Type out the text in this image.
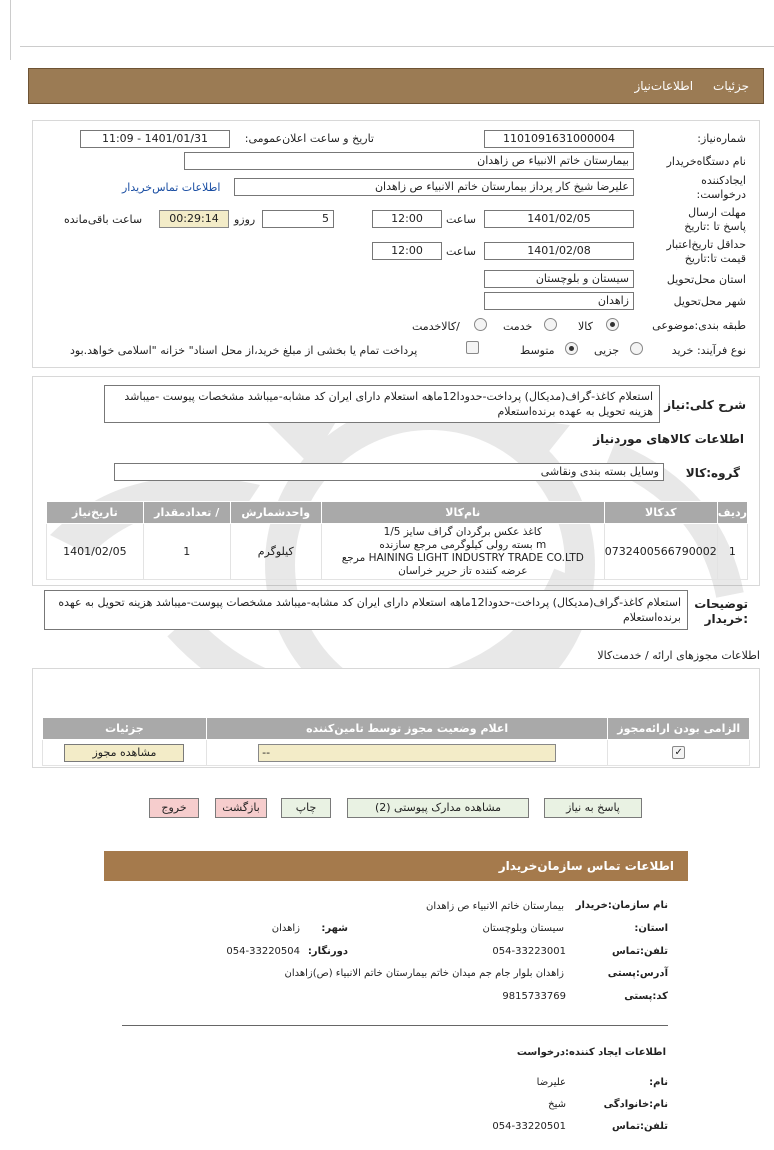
جزئیات
اطلاعات‌نیاز
شماره‌نیاز:
1101091631000004
تاریخ و ساعت اعلان‌عمومی:
1401/01/31 - 11:09
نام دستگاه‌خریدار
بیمارستان خاتم الانبیاء ص زاهدان
ایجادکننده درخواست:
علیرضا شیخ کار پرداز بیمارستان خاتم الانبیاء ص زاهدان
اطلاعات تماس‌خریدار
مهلت ارسال پاسخ تا :تاریخ
1401/02/05
ساعت
12:00
5
روزو
00:29:14
ساعت باقی‌مانده
حداقل تاریخ‌اعتبار قیمت تا:تاریخ
1401/02/08
ساعت
12:00
استان محل‌تحویل
سیستان و بلوچستان
شهر محل‌تحویل
زاهدان
طبقه بندی:موضوعی
کالا
خدمت
/کالاخدمت
نوع فرآیند: خرید
جزیی
متوسط
پرداخت تمام یا بخشی از مبلغ خرید،از محل اسناد" خزانه "اسلامی خواهد.بود
شرح کلی:نیاز
استعلام کاغذ-گراف(مدیکال) پرداخت-حدودا12ماهه استعلام دارای ایران کد مشابه-میباشد مشخصات پیوست -میباشد هزینه تحویل به عهده برنده‌استعلام
اطلاعات کالاهای موردنیاز
گروه:کالا
وسایل بسته بندی ونقاشی
ردیف	کدکالا	نام‌کالا	واحدشمارش	/ تعدادمقدار	تاریخ‌نیاز
1	0732400566790002	کاغذ عکس برگردان گراف سایز 1/5
m بسته رولی کیلوگرمی مرجع سازنده
HAINING LIGHT INDUSTRY TRADE CO.LTD مرجع
عرضه کننده تاز حریر خراسان	کیلوگرم	1	1401/02/05
توضیحات :خریدار
استعلام کاغذ-گراف(مدیکال) پرداخت-حدودا12ماهه استعلام دارای ایران کد مشابه-میباشد مشخصات پیوست-میباشد هزینه تحویل به عهده برنده‌استعلام
اطلاعات مجوزهای ارائه / خدمت‌کالا
الزامی بودن ارائه‌مجوز	اعلام وضعیت مجوز توسط تامین‌کننده	جزئیات
✓	--	مشاهده مجوز
پاسخ به نیاز
مشاهده مدارک پیوستی (2)
چاپ
بازگشت
خروج
اطلاعات تماس سازمان‌خریدار
نام سازمان:خریدار
بیمارستان خاتم الانبیاء ص زاهدان
استان:
سیستان وبلوچستان
شهر:
زاهدان
تلفن:تماس
054-33223001
دورنگار:
054-33220504
آدرس:پستی
زاهدان بلوار جام جم میدان خاتم بیمارستان خاتم الانبیاء (ص)زاهدان
کد:پستی
9815733769
اطلاعات ایجاد کننده:درخواست
نام:
علیرضا
نام:خانوادگی
شیخ
تلفن:تماس
054-33220501
